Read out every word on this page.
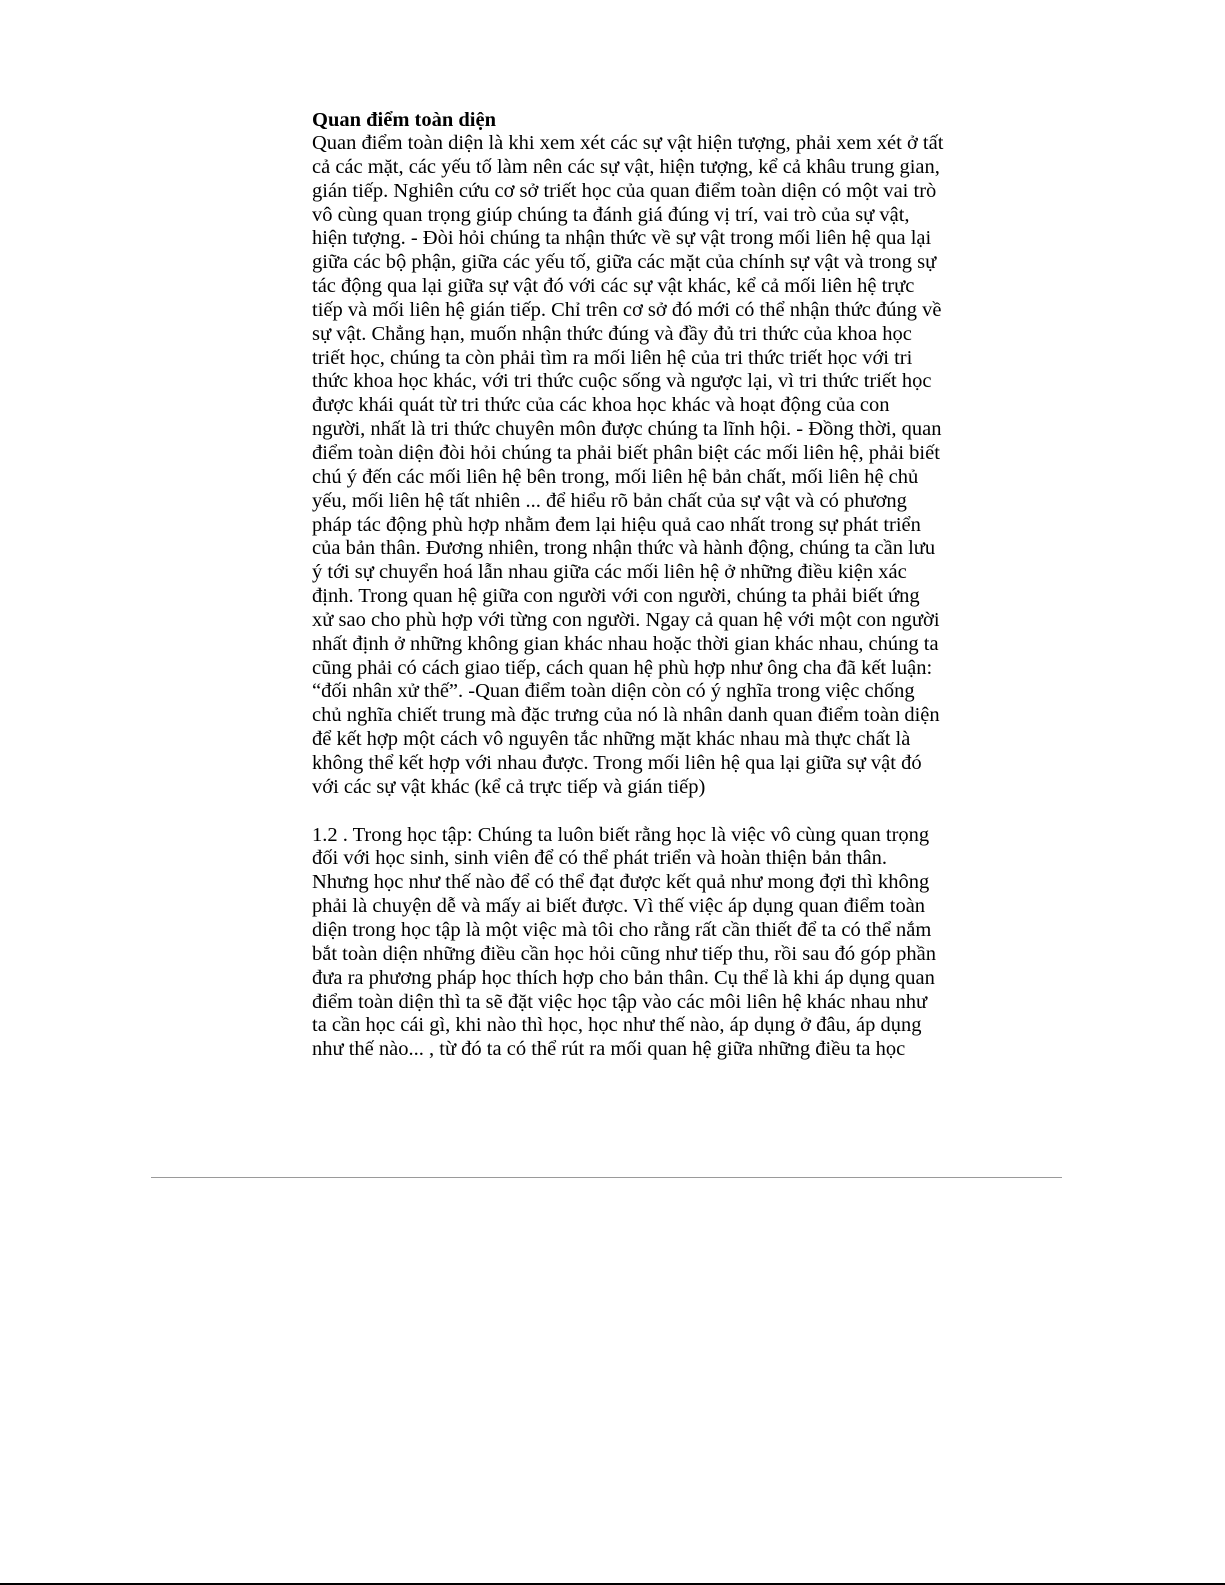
Quan điểm toàn diện
Quan điểm toàn diện là khi xem xét các sự vật hiện tượng, phải xem xét ở tất
cả các mặt, các yếu tố làm nên các sự vật, hiện tượng, kể cả khâu trung gian,
gián tiếp. Nghiên cứu cơ sở triết học của quan điểm toàn diện có một vai trò
vô cùng quan trọng giúp chúng ta đánh giá đúng vị trí, vai trò của sự vật,
hiện tượng. - Đòi hỏi chúng ta nhận thức về sự vật trong mối liên hệ qua lại
giữa các bộ phận, giữa các yếu tố, giữa các mặt của chính sự vật và trong sự
tác động qua lại giữa sự vật đó với các sự vật khác, kể cả mối liên hệ trực
tiếp và mối liên hệ gián tiếp. Chỉ trên cơ sở đó mới có thể nhận thức đúng về
sự vật. Chẳng hạn, muốn nhận thức đúng và đầy đủ tri thức của khoa học
triết học, chúng ta còn phải tìm ra mối liên hệ của tri thức triết học với tri
thức khoa học khác, với tri thức cuộc sống và ngược lại, vì tri thức triết học
được khái quát từ tri thức của các khoa học khác và hoạt động của con
người, nhất là tri thức chuyên môn được chúng ta lĩnh hội. - Đồng thời, quan
điểm toàn diện đòi hỏi chúng ta phải biết phân biệt các mối liên hệ, phải biết
chú ý đến các mối liên hệ bên trong, mối liên hệ bản chất, mối liên hệ chủ
yếu, mối liên hệ tất nhiên ... để hiểu rõ bản chất của sự vật và có phương
pháp tác động phù hợp nhằm đem lại hiệu quả cao nhất trong sự phát triển
của bản thân. Đương nhiên, trong nhận thức và hành động, chúng ta cần lưu
ý tới sự chuyển hoá lẫn nhau giữa các mối liên hệ ở những điều kiện xác
định. Trong quan hệ giữa con người với con người, chúng ta phải biết ứng
xử sao cho phù hợp với từng con người. Ngay cả quan hệ với một con người
nhất định ở những không gian khác nhau hoặc thời gian khác nhau, chúng ta
cũng phải có cách giao tiếp, cách quan hệ phù hợp như ông cha đã kết luận:
“đối nhân xử thế”. -Quan điểm toàn diện còn có ý nghĩa trong việc chống
chủ nghĩa chiết trung mà đặc trưng của nó là nhân danh quan điểm toàn diện
để kết hợp một cách vô nguyên tắc những mặt khác nhau mà thực chất là
không thể kết hợp với nhau được. Trong mối liên hệ qua lại giữa sự vật đó
với các sự vật khác (kể cả trực tiếp và gián tiếp)
1.2 . Trong học tập: Chúng ta luôn biết rằng học là việc vô cùng quan trọng
đối với học sinh, sinh viên để có thể phát triển và hoàn thiện bản thân.
Nhưng học như thế nào để có thể đạt được kết quả như mong đợi thì không
phải là chuyện dễ và mấy ai biết được. Vì thế việc áp dụng quan điểm toàn
diện trong học tập là một việc mà tôi cho rằng rất cần thiết để ta có thể nắm
bắt toàn diện những điều cần học hỏi cũng như tiếp thu, rồi sau đó góp phần
đưa ra phương pháp học thích hợp cho bản thân. Cụ thể là khi áp dụng quan
điểm toàn diện thì ta sẽ đặt việc học tập vào các môi liên hệ khác nhau như
ta cần học cái gì, khi nào thì học, học như thế nào, áp dụng ở đâu, áp dụng
như thế nào... , từ đó ta có thể rút ra mối quan hệ giữa những điều ta học
